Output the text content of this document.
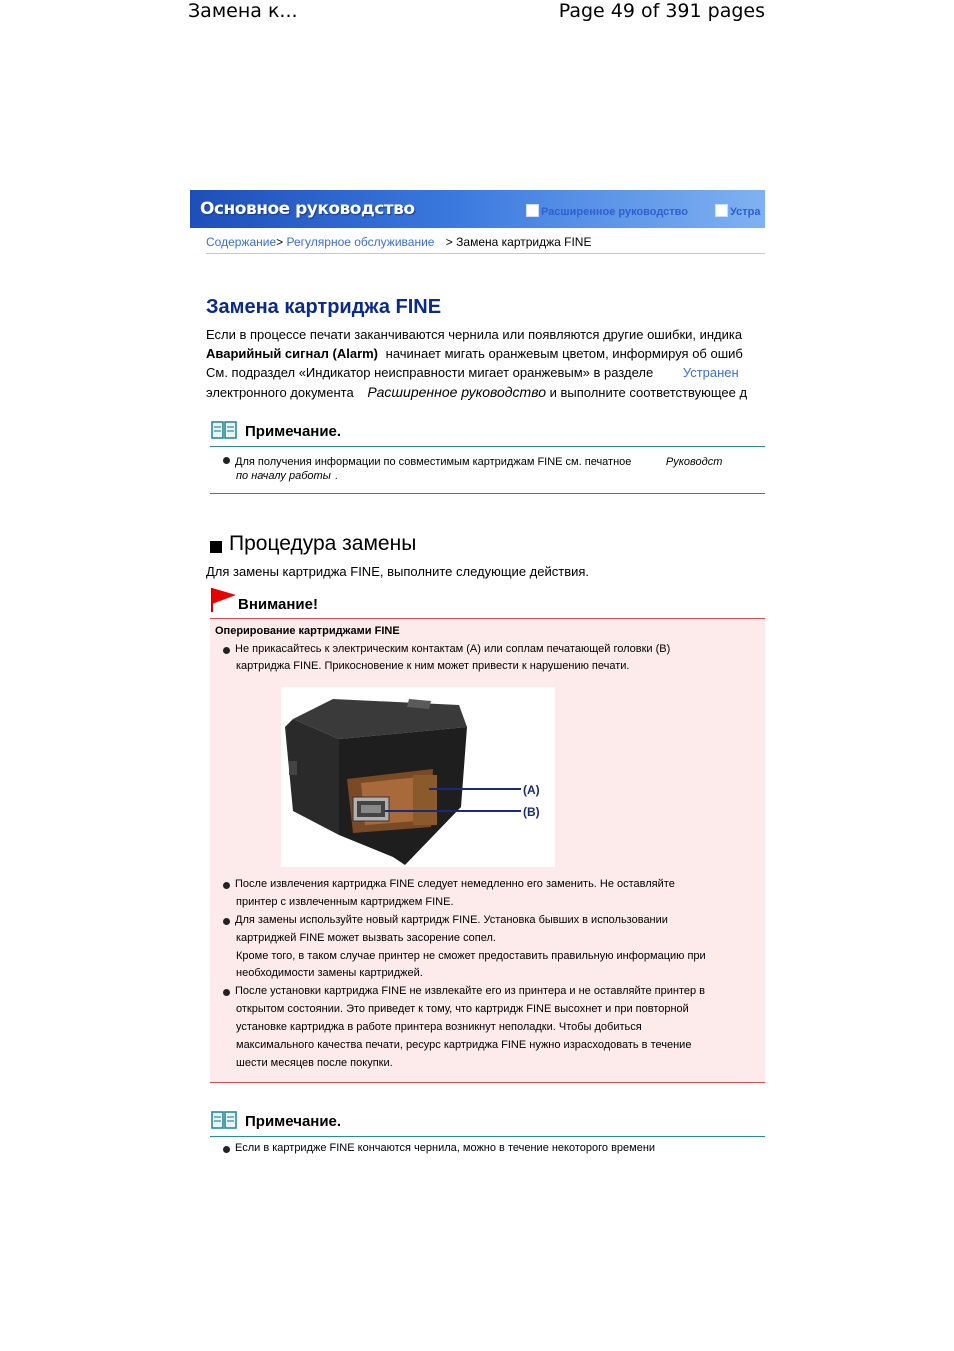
Замена к...	Page 49 of 391 pages
Основное руководство	Расширенное руководство	Устра
Содержание> Регулярное обслуживание > Замена картриджа FINE
Замена картриджа FINE
Если в процессе печати заканчиваются чернила или появляются другие ошибки, индика
Аварийный сигнал (Alarm) начинает мигать оранжевым цветом, информируя об ошиб
См. подраздел «Индикатор неисправности мигает оранжевым» в разделе Устранен
электронного документа Расширенное руководство и выполните соответствующее д
Примечание.
Для получения информации по совместимым картриджам FINE см. печатное	Руководст
по началу работы .
Процедура замены
Для замены картриджа FINE, выполните следующие действия.
Внимание!
Оперирование картриджами FINE
Не прикасайтесь к электрическим контактам (A) или соплам печатающей головки (B)
картриджа FINE. Прикосновение к ним может привести к нарушению печати.
(A)
(B)
После извлечения картриджа FINE следует немедленно его заменить. Не оставляйте
принтер с извлеченным картриджем FINE.
Для замены используйте новый картридж FINE. Установка бывших в использовании
картриджей FINE может вызвать засорение сопел.
Кроме того, в таком случае принтер не сможет предоставить правильную информацию при
необходимости замены картриджей.
После установки картриджа FINE не извлекайте его из принтера и не оставляйте принтер в
открытом состоянии. Это приведет к тому, что картридж FINE высохнет и при повторной
установке картриджа в работе принтера возникнут неполадки. Чтобы добиться
максимального качества печати, ресурс картриджа FINE нужно израсходовать в течение
шести месяцев после покупки.
Примечание.
Если в картридже FINE кончаются чернила, можно в течение некоторого времени
